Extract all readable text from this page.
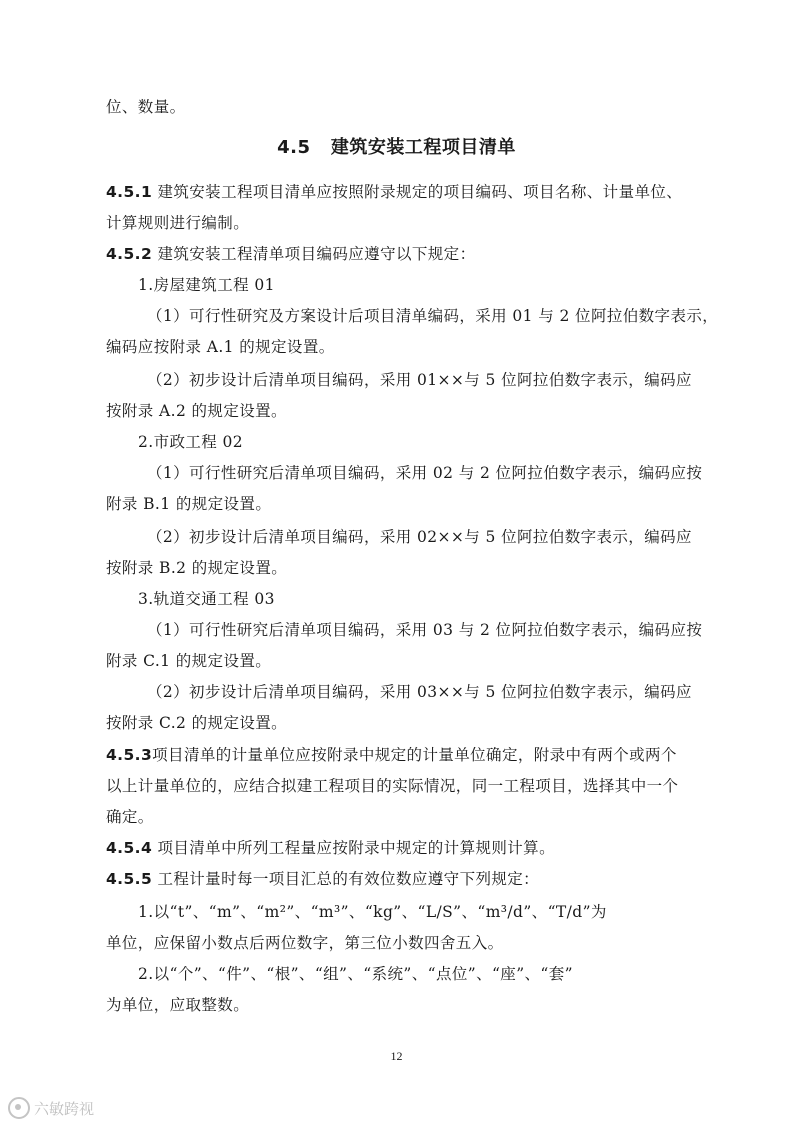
位、数量。
4.5 建筑安装工程项目清单
4.5.1 建筑安装工程项目清单应按照附录规定的项目编码、项目名称、计量单位、
计算规则进行编制。
4.5.2 建筑安装工程清单项目编码应遵守以下规定：
1.房屋建筑工程 01
（1）可行性研究及方案设计后项目清单编码，采用 01 与 2 位阿拉伯数字表示，
编码应按附录 A.1 的规定设置。
（2）初步设计后清单项目编码，采用 01××与 5 位阿拉伯数字表示，编码应
按附录 A.2 的规定设置。
2.市政工程 02
（1）可行性研究后清单项目编码，采用 02 与 2 位阿拉伯数字表示，编码应按
附录 B.1 的规定设置。
（2）初步设计后清单项目编码，采用 02××与 5 位阿拉伯数字表示，编码应
按附录 B.2 的规定设置。
3.轨道交通工程 03
（1）可行性研究后清单项目编码，采用 03 与 2 位阿拉伯数字表示，编码应按
附录 C.1 的规定设置。
（2）初步设计后清单项目编码，采用 03××与 5 位阿拉伯数字表示，编码应
按附录 C.2 的规定设置。
4.5.3项目清单的计量单位应按附录中规定的计量单位确定，附录中有两个或两个
以上计量单位的，应结合拟建工程项目的实际情况，同一工程项目，选择其中一个
确定。
4.5.4 项目清单中所列工程量应按附录中规定的计算规则计算。
4.5.5 工程计量时每一项目汇总的有效位数应遵守下列规定：
1.以“t”、“m”、“m²”、“m³”、“kg”、“L/S”、“m³/d”、“T/d”为
单位，应保留小数点后两位数字，第三位小数四舍五入。
2.以“个”、“件”、“根”、“组”、“系统”、“点位”、“座”、“套”
为单位，应取整数。
12
六敏跨视
